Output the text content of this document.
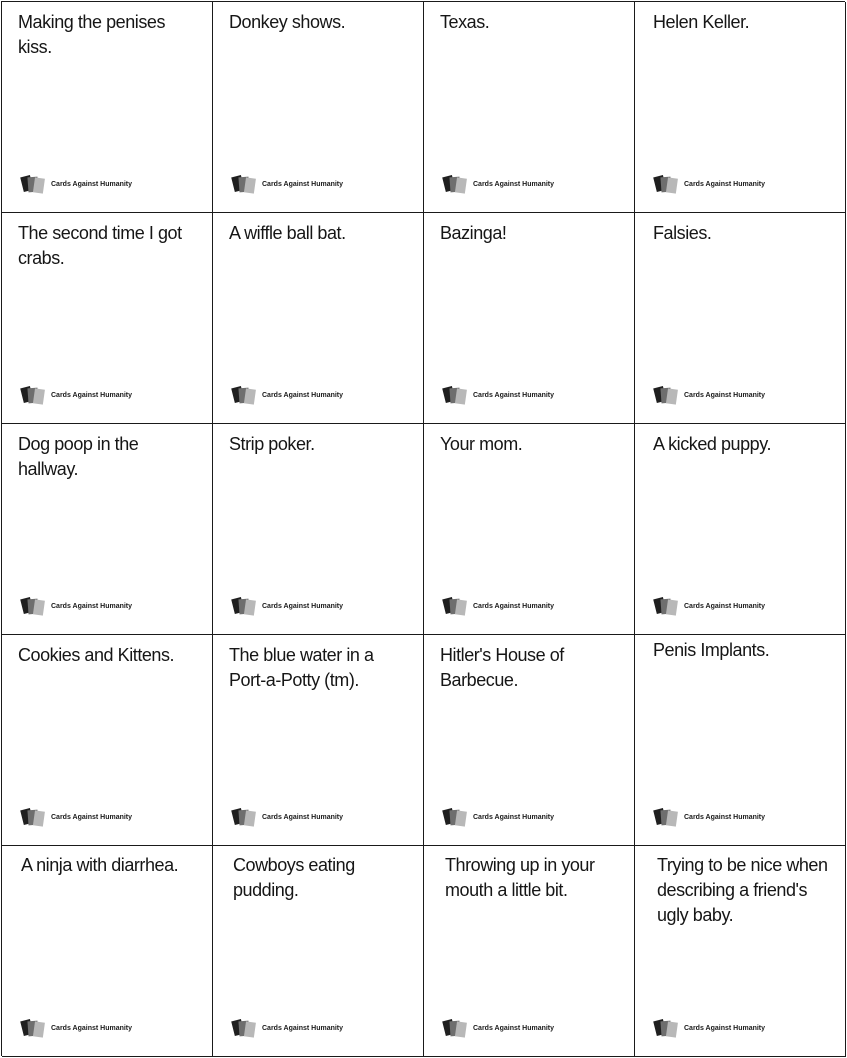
Making the penises kiss.

Cards Against Humanity

Donkey shows.

Cards Against Humanity

Texas.

Cards Against Humanity

Helen Keller.

Cards Against Humanity

The second time I got crabs.

Cards Against Humanity

A wiffle ball bat.

Cards Against Humanity

Bazinga!

Cards Against Humanity

Falsies.

Cards Against Humanity

Dog poop in the hallway.

Cards Against Humanity

Strip poker.

Cards Against Humanity

Your mom.

Cards Against Humanity

A kicked puppy.

Cards Against Humanity

Cookies and Kittens.

Cards Against Humanity

The blue water in a Port-a-Potty (tm).

Cards Against Humanity

Hitler's House of Barbecue.

Cards Against Humanity

Penis Implants.

Cards Against Humanity

A ninja with diarrhea.

Cards Against Humanity

Cowboys eating pudding.

Cards Against Humanity

Throwing up in your mouth a little bit.

Cards Against Humanity

Trying to be nice when describing a friend's ugly baby.

Cards Against Humanity
